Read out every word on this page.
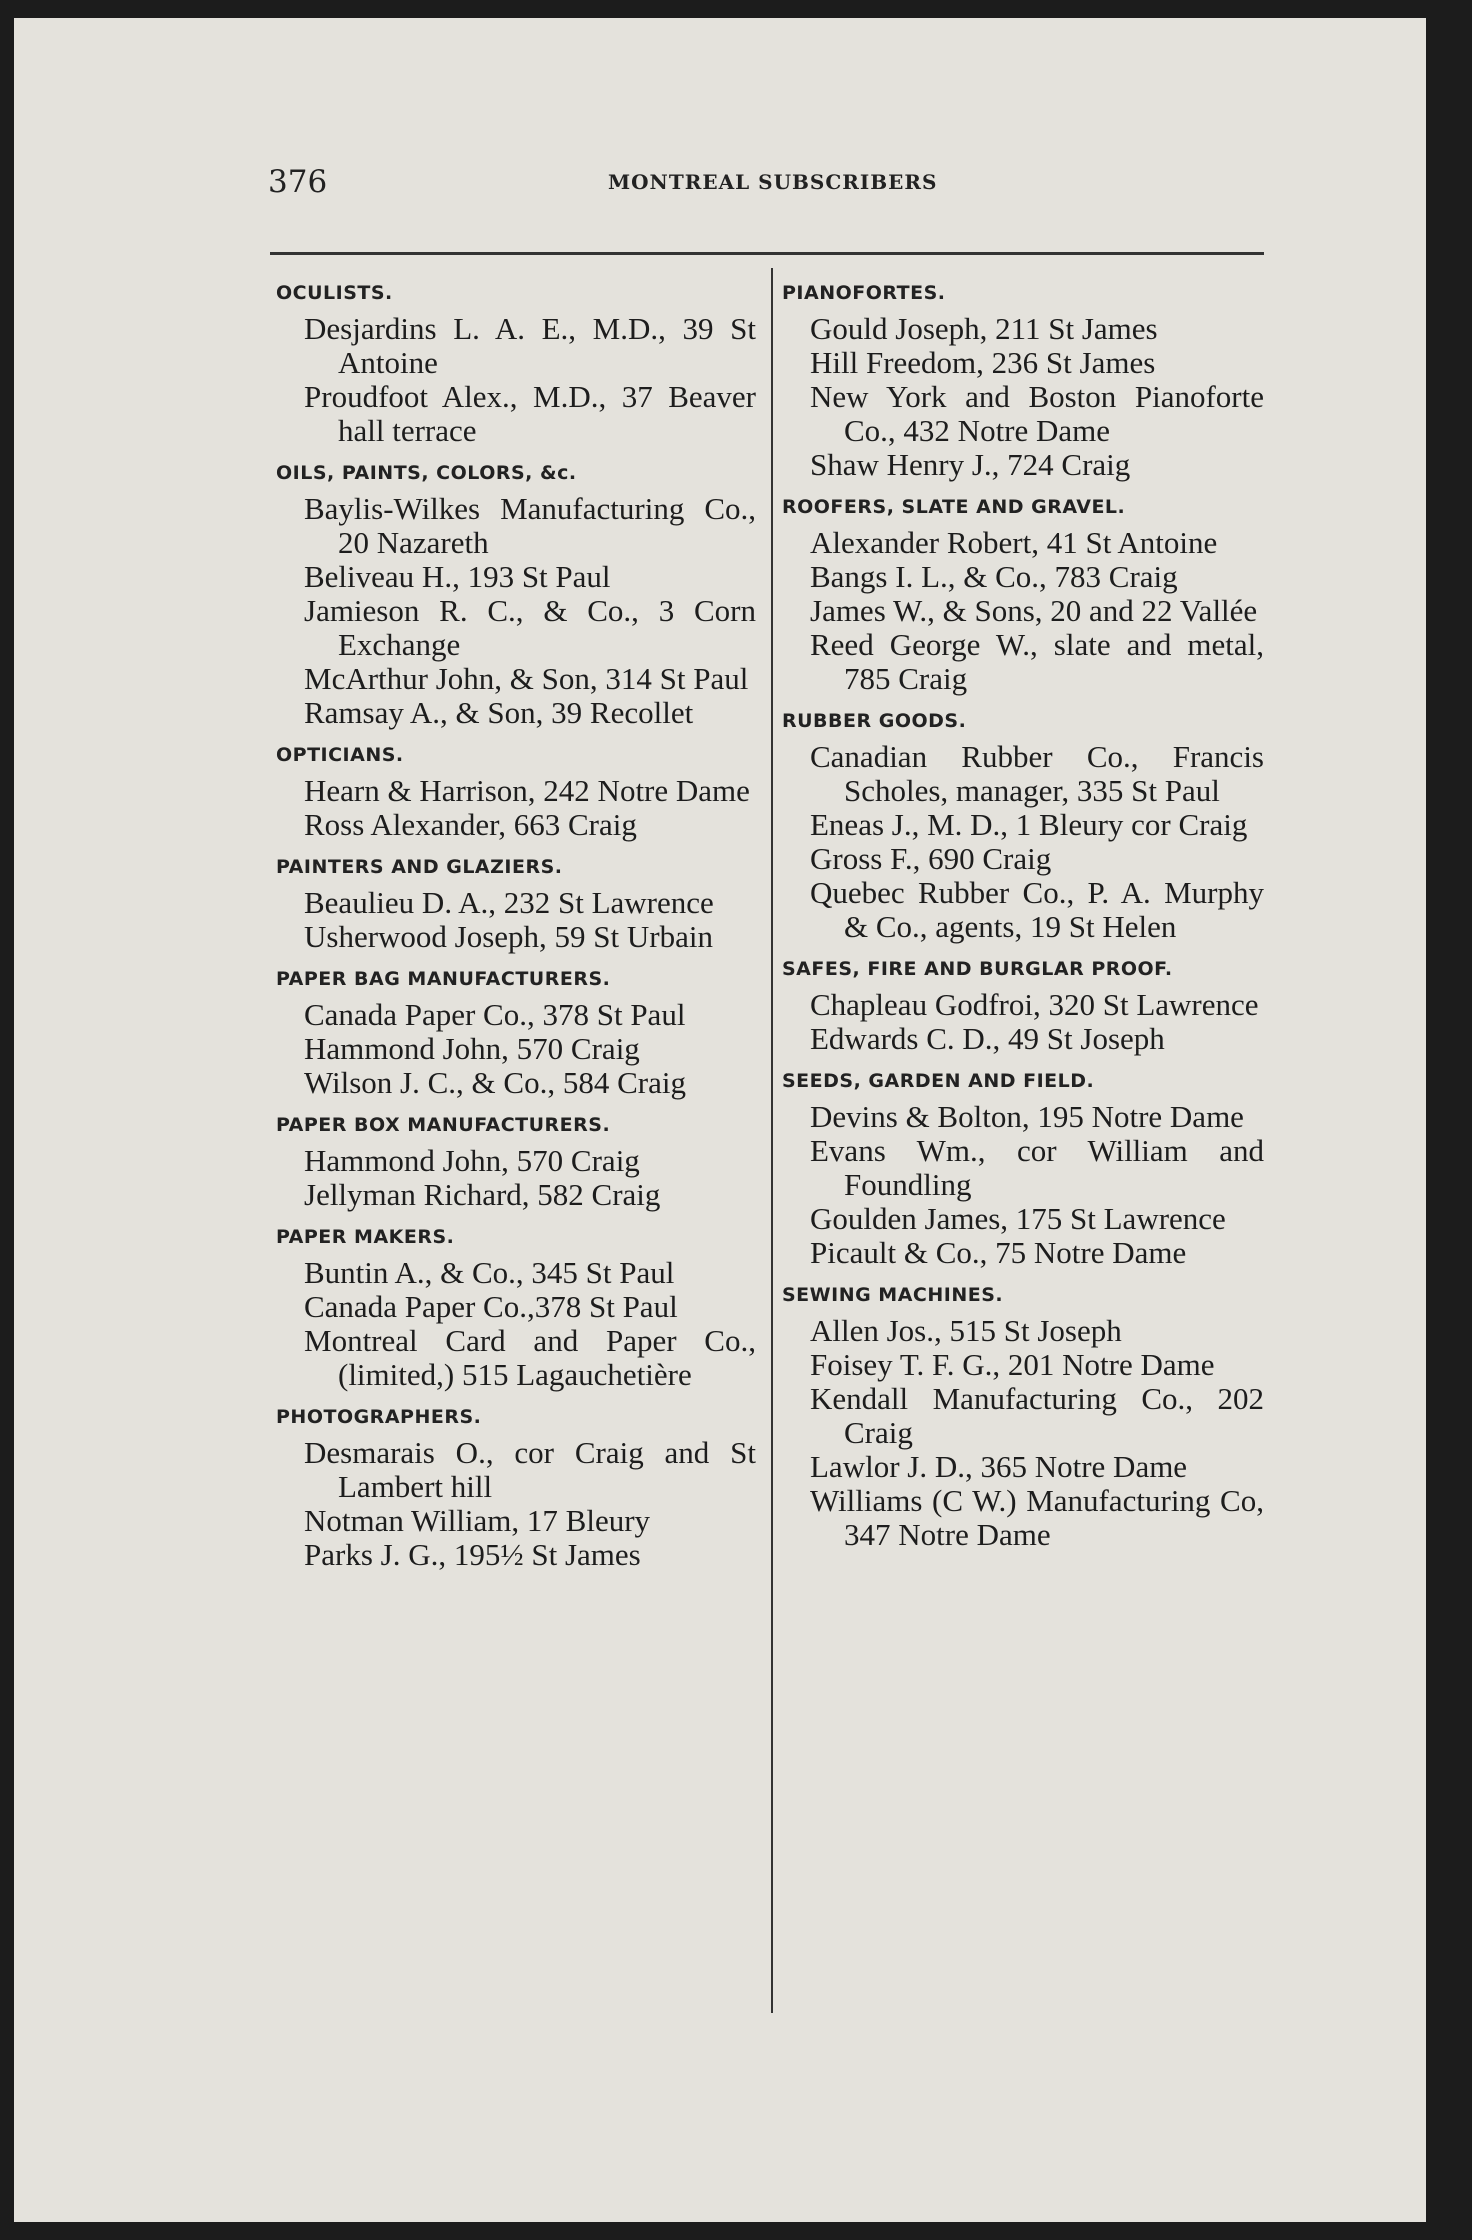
376	MONTREAL SUBSCRIBERS
OCULISTS.
Desjardins L. A. E., M.D., 39 St Antoine
Proudfoot Alex., M.D., 37 Beaver hall terrace
OILS, PAINTS, COLORS, &c.
Baylis-Wilkes Manufacturing Co., 20 Nazareth
Beliveau H., 193 St Paul
Jamieson R. C., & Co., 3 Corn Exchange
McArthur John, & Son, 314 St Paul
Ramsay A., & Son, 39 Recollet
OPTICIANS.
Hearn & Harrison, 242 Notre Dame
Ross Alexander, 663 Craig
PAINTERS AND GLAZIERS.
Beaulieu D. A., 232 St Lawrence
Usherwood Joseph, 59 St Urbain
PAPER BAG MANUFACTURERS.
Canada Paper Co., 378 St Paul
Hammond John, 570 Craig
Wilson J. C., & Co., 584 Craig
PAPER BOX MANUFACTURERS.
Hammond John, 570 Craig
Jellyman Richard, 582 Craig
PAPER MAKERS.
Buntin A., & Co., 345 St Paul
Canada Paper Co.,378 St Paul
Montreal Card and Paper Co., (limited,) 515 Lagauchetière
PHOTOGRAPHERS.
Desmarais O., cor Craig and St Lambert hill
Notman William, 17 Bleury
Parks J. G., 195½ St James
PIANOFORTES.
Gould Joseph, 211 St James
Hill Freedom, 236 St James
New York and Boston Pianoforte Co., 432 Notre Dame
Shaw Henry J., 724 Craig
ROOFERS, SLATE AND GRAVEL.
Alexander Robert, 41 St Antoine
Bangs I. L., & Co., 783 Craig
James W., & Sons, 20 and 22 Vallée
Reed George W., slate and metal, 785 Craig
RUBBER GOODS.
Canadian Rubber Co., Francis Scholes, manager, 335 St Paul
Eneas J., M. D., 1 Bleury cor Craig
Gross F., 690 Craig
Quebec Rubber Co., P. A. Murphy & Co., agents, 19 St Helen
SAFES, FIRE AND BURGLAR PROOF.
Chapleau Godfroi, 320 St Lawrence
Edwards C. D., 49 St Joseph
SEEDS, GARDEN AND FIELD.
Devins & Bolton, 195 Notre Dame
Evans Wm., cor William and Foundling
Goulden James, 175 St Lawrence
Picault & Co., 75 Notre Dame
SEWING MACHINES.
Allen Jos., 515 St Joseph
Foisey T. F. G., 201 Notre Dame
Kendall Manufacturing Co., 202 Craig
Lawlor J. D., 365 Notre Dame
Williams (C W.) Manufacturing Co, 347 Notre Dame
